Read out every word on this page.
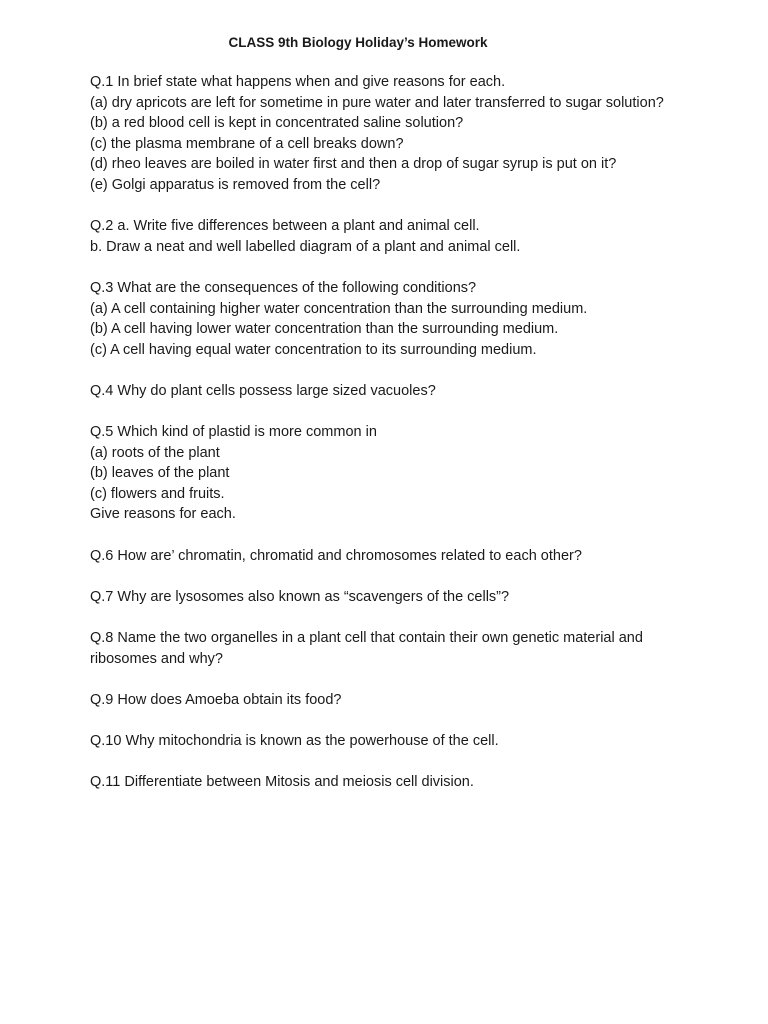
CLASS 9th Biology Holiday’s Homework
Q.1 In brief state what happens when and give reasons for each.
(a) dry apricots are left for sometime in pure water and later transferred to sugar solution?
(b) a red blood cell is kept in concentrated saline solution?
(c) the plasma membrane of a cell breaks down?
(d) rheo leaves are boiled in water first and then a drop of sugar syrup is put on it?
(e) Golgi apparatus is removed from the cell?
Q.2 a. Write five differences between a plant and animal cell.
b. Draw a neat and well labelled diagram of a plant and animal cell.
Q.3 What are the consequences of the following conditions?
(a) A cell containing higher water concentration than the surrounding medium.
(b) A cell having lower water concentration than the surrounding medium.
(c) A cell having equal water concentration to its surrounding medium.
Q.4 Why do plant cells possess large sized vacuoles?
Q.5 Which kind of plastid is more common in
(a) roots of the plant
(b) leaves of the plant
(c) flowers and fruits.
Give reasons for each.
Q.6 How are’ chromatin, chromatid and chromosomes related to each other?
Q.7 Why are lysosomes also known as “scavengers of the cells”?
Q.8 Name the two organelles in a plant cell that contain their own genetic material and ribosomes and why?
Q.9 How does Amoeba obtain its food?
Q.10 Why mitochondria is known as the powerhouse of the cell.
Q.11 Differentiate between Mitosis and meiosis cell division.
